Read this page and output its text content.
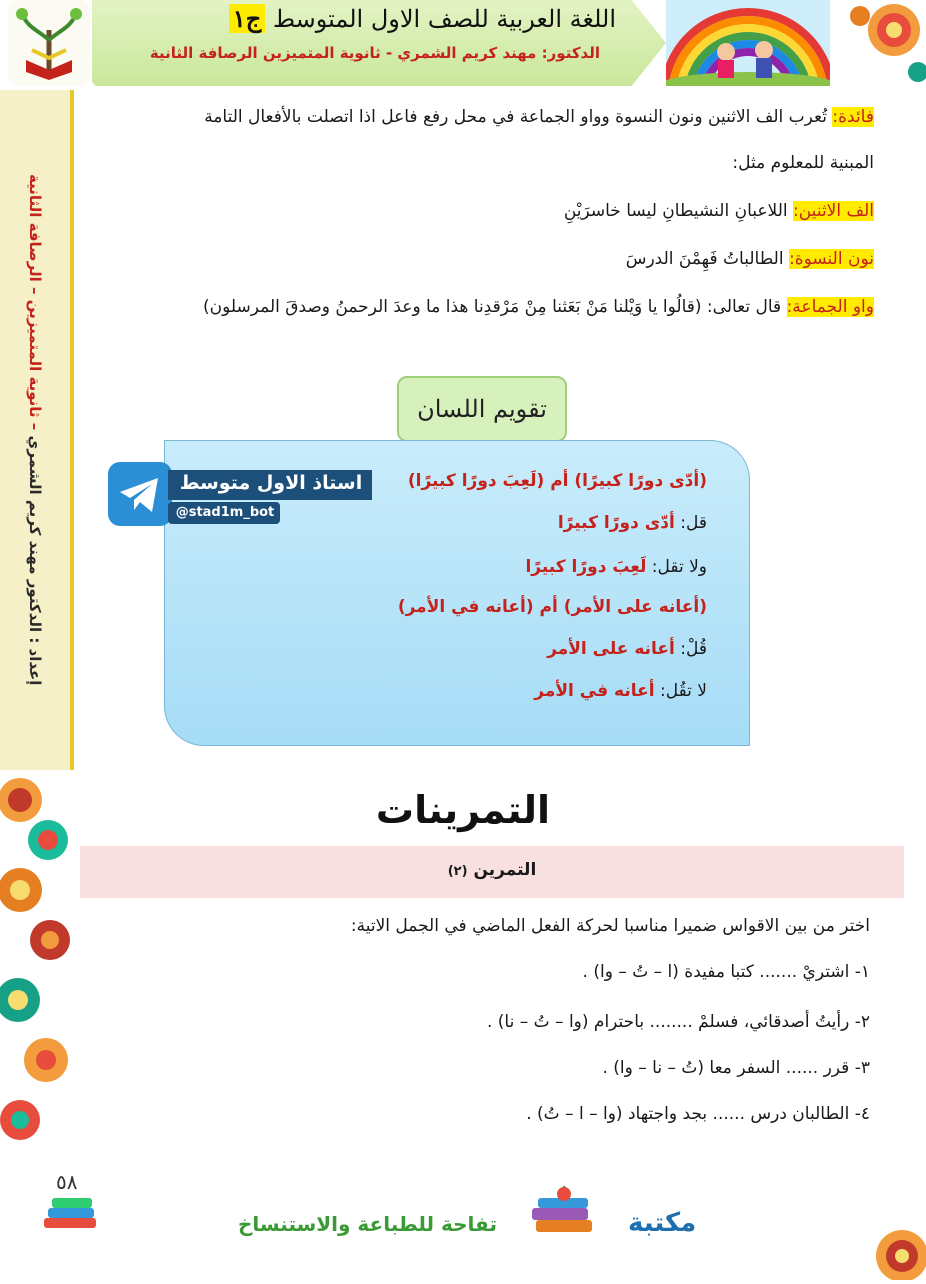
اللغة العربية للصف الاول المتوسط ج١
الدكتور: مهند كريم الشمري - ثانوية المتميزين الرصافة الثانية
إعداد : الدكتور مهند كريم الشمري – ثانوية المتميزين – الرصافة الثانية
فائدة: تُعرب الف الاثنين ونون النسوة وواو الجماعة في محل رفع فاعل اذا اتصلت بالأفعال التامة
المبنية للمعلوم مثل:
الف الاثنين: اللاعبانِ النشيطانِ ليسا خاسرَيْنِ
نون النسوة: الطالباتُ فَهِمْنَ الدرسَ
واو الجماعة: قال تعالى: (قالُوا يا وَيْلنا مَنْ بَعَثنا مِنْ مَرْقدِنا هذا ما وعدَ الرحمنُ وصدقَ المرسلون)
تقويم اللسان
(أدّى دورًا كبيرًا) أم (لَعِبَ دورًا كبيرًا)
قل: أدّى دورًا كبيرًا
ولا تقل: لَعِبَ دورًا كبيرًا
(أعانه على الأمر) أم (أعانه في الأمر)
قُلْ: أعانه على الأمر
لا تقُل: أعانه في الأمر
استاذ الاول متوسط
@stad1m_bot
التمرينات
التمرين (٢)
اختر من بين الاقواس ضميرا مناسبا لحركة الفعل الماضي في الجمل الاتية:
١- اشتريْ ....... كتبا مفيدة (ا – تُ – وا) .
٢- رأيتُ أصدقائي، فسلمْ ........ باحترام (وا – تُ – نا) .
٣- قرر ...... السفر معا (تُ – نا – وا) .
٤- الطالبان درس ...... بجد واجتهاد (وا – ا – تُ) .
٥٨
تفاحة للطباعة والاستنساخ	مكتبة
